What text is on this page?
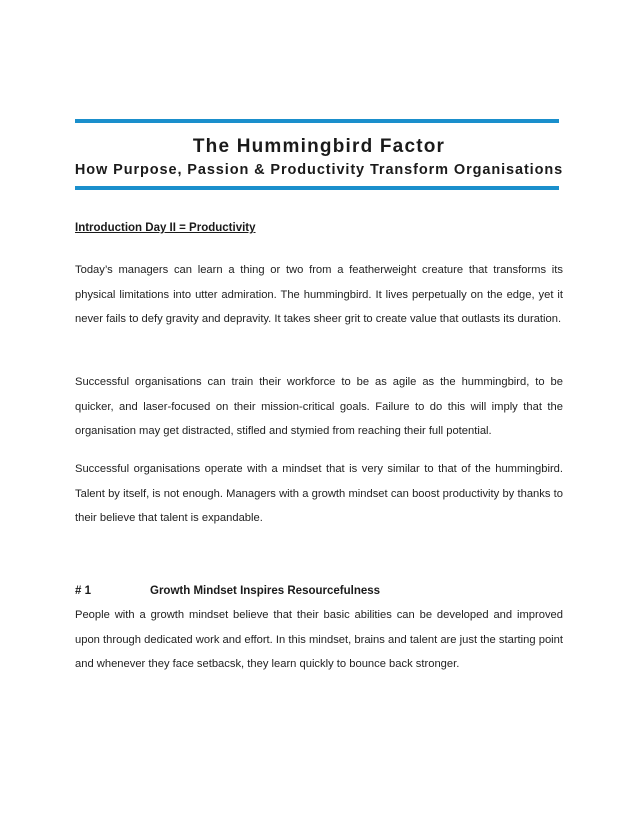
The Hummingbird Factor
How Purpose, Passion & Productivity Transform Organisations
Introduction Day II = Productivity
Today’s managers can learn a thing or two from a featherweight creature that transforms its physical limitations into utter admiration. The hummingbird. It lives perpetually on the edge, yet it never fails to defy gravity and depravity. It takes sheer grit to create value that outlasts its duration.
Successful organisations can train their workforce to be as agile as the hummingbird, to be quicker, and laser-focused on their mission-critical goals. Failure to do this will imply that the organisation may get distracted, stifled and stymied from reaching their full potential.
Successful organisations operate with a mindset that is very similar to that of the hummingbird. Talent by itself, is not enough. Managers with a growth mindset can boost productivity by thanks to their believe that talent is expandable.
# 1	Growth Mindset Inspires Resourcefulness
People with a growth mindset believe that their basic abilities can be developed and improved upon through dedicated work and effort. In this mindset, brains and talent are just the starting point and whenever they face setbacsk, they learn quickly to bounce back stronger.
